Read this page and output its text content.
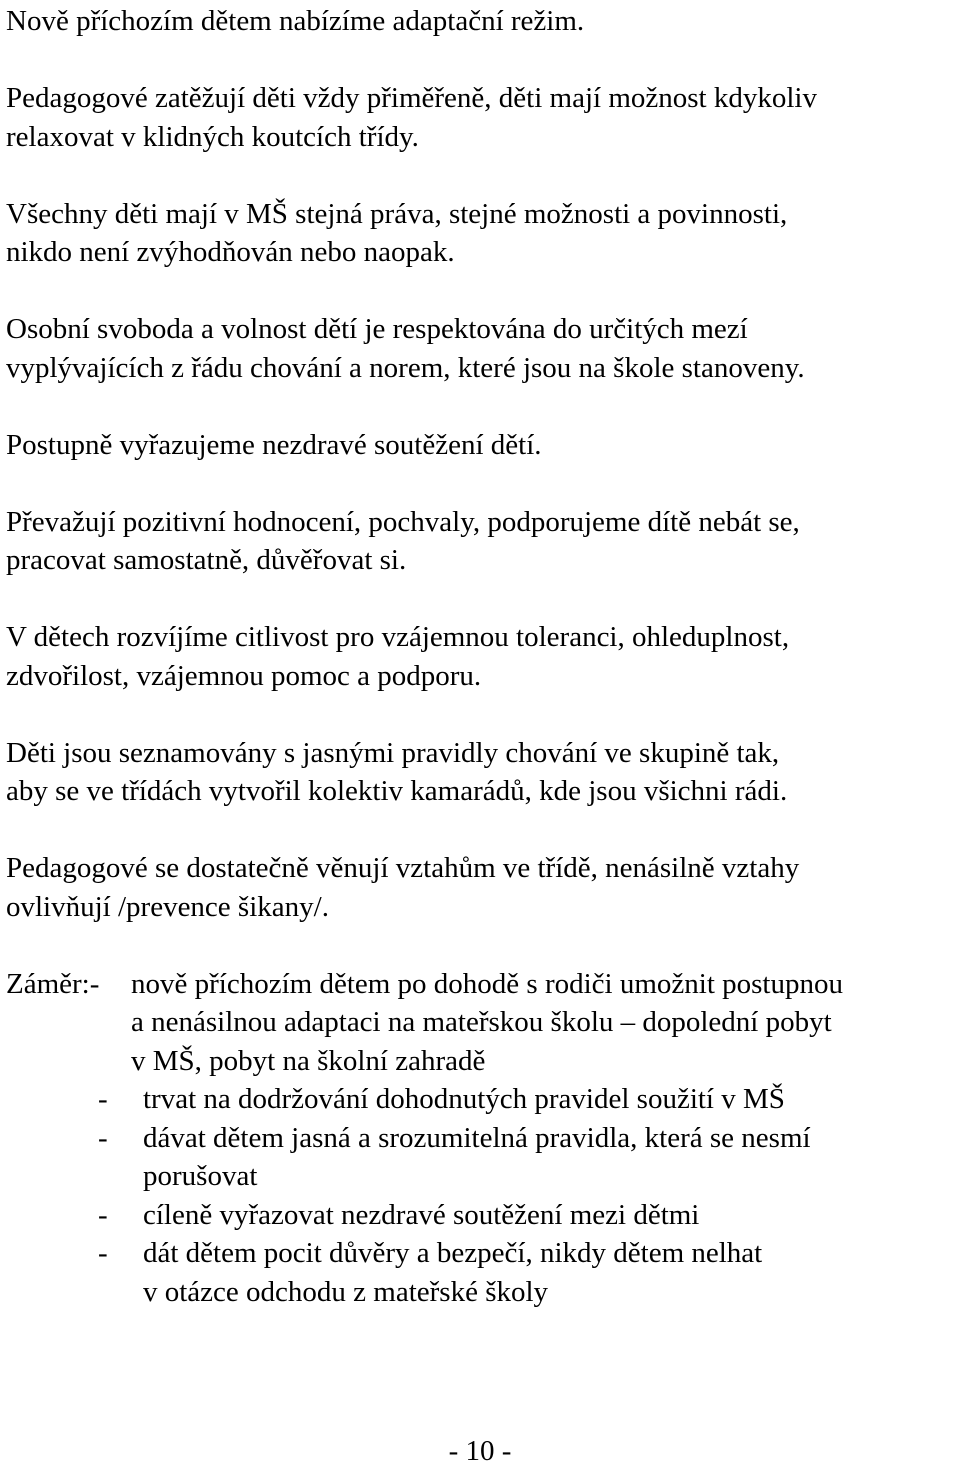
Nově příchozím dětem nabízíme adaptační režim.

Pedagogové zatěžují děti vždy přiměřeně, děti mají možnost kdykoliv
relaxovat v klidných koutcích třídy.

Všechny děti mají v MŠ stejná práva, stejné možnosti a povinnosti,
nikdo není zvýhodňován nebo naopak.

Osobní svoboda a volnost dětí je respektována do určitých mezí
vyplývajících z řádu chování a norem, které jsou na škole stanoveny.

Postupně vyřazujeme nezdravé soutěžení dětí.

Převažují pozitivní hodnocení, pochvaly, podporujeme dítě nebát se,
pracovat samostatně, důvěřovat si.

V dětech rozvíjíme citlivost pro vzájemnou toleranci, ohleduplnost,
zdvořilost, vzájemnou pomoc a podporu.

Děti jsou seznamovány s jasnými pravidly chování ve skupině tak,
aby se ve třídách vytvořil kolektiv kamarádů, kde jsou všichni rádi.

Pedagogové se dostatečně věnují vztahům ve třídě, nenásilně vztahy
ovlivňují /prevence šikany/.

Záměr:-	nově příchozím dětem po dohodě s rodiči umožnit postupnou
a nenásilnou adaptaci na mateřskou školu – dopolední pobyt
v MŠ, pobyt na školní zahradě
-	trvat na dodržování dohodnutých pravidel soužití v MŠ
-	dávat dětem jasná a srozumitelná pravidla, která se nesmí
porušovat
-	cíleně vyřazovat nezdravé soutěžení mezi dětmi
-	dát dětem pocit důvěry a bezpečí, nikdy dětem nelhat
v otázce odchodu z mateřské školy
- 10 -
